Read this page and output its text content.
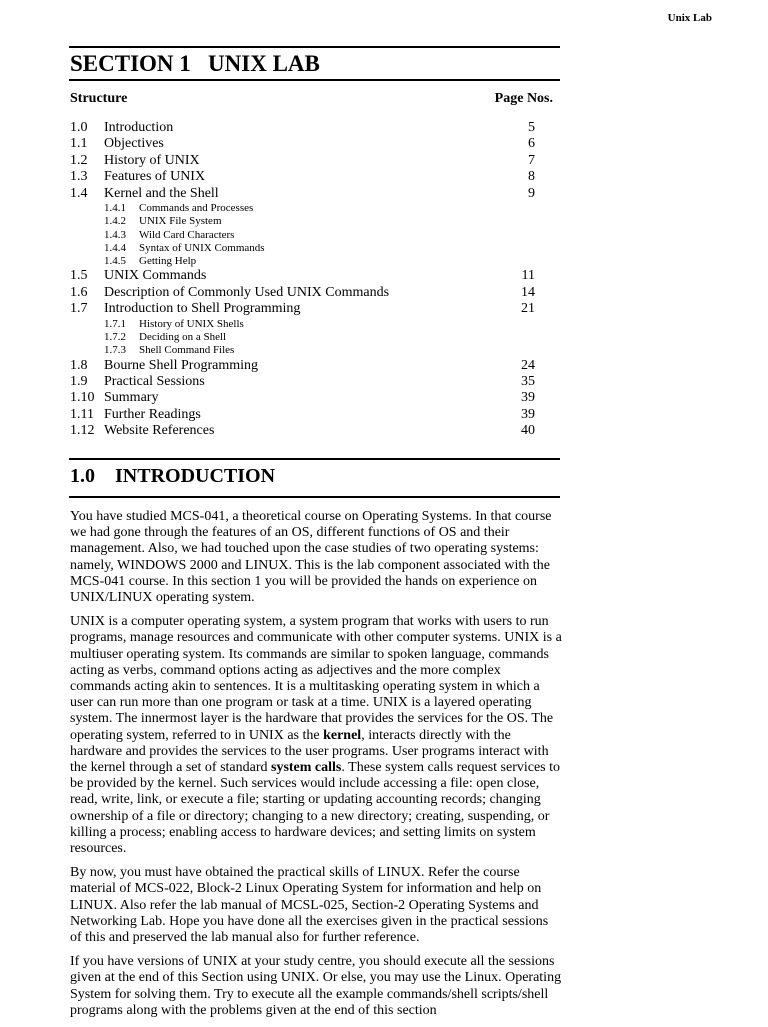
Unix Lab
SECTION 1   UNIX LAB
Structure	Page Nos.
1.0 Introduction	5
1.1 Objectives	6
1.2 History of UNIX	7
1.3 Features of UNIX	8
1.4 Kernel and the Shell	9
1.4.1 Commands and Processes
1.4.2 UNIX File System
1.4.3 Wild Card Characters
1.4.4 Syntax of UNIX Commands
1.4.5 Getting Help
1.5 UNIX Commands	11
1.6 Description of Commonly Used UNIX Commands	14
1.7 Introduction to Shell Programming	21
1.7.1 History of UNIX Shells
1.7.2 Deciding on a Shell
1.7.3 Shell Command Files
1.8 Bourne Shell Programming	24
1.9 Practical Sessions	35
1.10 Summary	39
1.11 Further Readings	39
1.12 Website References	40
1.0    INTRODUCTION

You have studied MCS-041, a theoretical course on Operating Systems. In that course we had gone through the features of an OS, different functions of OS and their management. Also, we had touched upon the case studies of two operating systems: namely, WINDOWS 2000 and LINUX. This is the lab component associated with the MCS-041 course. In this section 1 you will be provided the hands on experience on UNIX/LINUX operating system.

UNIX is a computer operating system, a system program that works with users to run programs, manage resources and communicate with other computer systems. UNIX is a multiuser operating system. Its commands are similar to spoken language, commands acting as verbs, command options acting as adjectives and the more complex commands acting akin to sentences. It is a multitasking operating system in which a user can run more than one program or task at a time. UNIX is a layered operating system. The innermost layer is the hardware that provides the services for the OS. The operating system, referred to in UNIX as the kernel, interacts directly with the hardware and provides the services to the user programs. User programs interact with the kernel through a set of standard system calls. These system calls request services to be provided by the kernel. Such services would include accessing a file: open close, read, write, link, or execute a file; starting or updating accounting records; changing ownership of a file or directory; changing to a new directory; creating, suspending, or killing a process; enabling access to hardware devices; and setting limits on system resources.

By now, you must have obtained the practical skills of LINUX. Refer the course material of MCS-022, Block-2 Linux Operating System for information and help on LINUX. Also refer the lab manual of MCSL-025, Section-2 Operating Systems and Networking Lab. Hope you have done all the exercises given in the practical sessions of this and preserved the lab manual also for further reference.

If you have versions of UNIX at your study centre, you should execute all the sessions given at the end of this Section using UNIX. Or else, you may use the Linux. Operating System for solving them. Try to execute all the example commands/shell scripts/shell programs along with the problems given at the end of this section
